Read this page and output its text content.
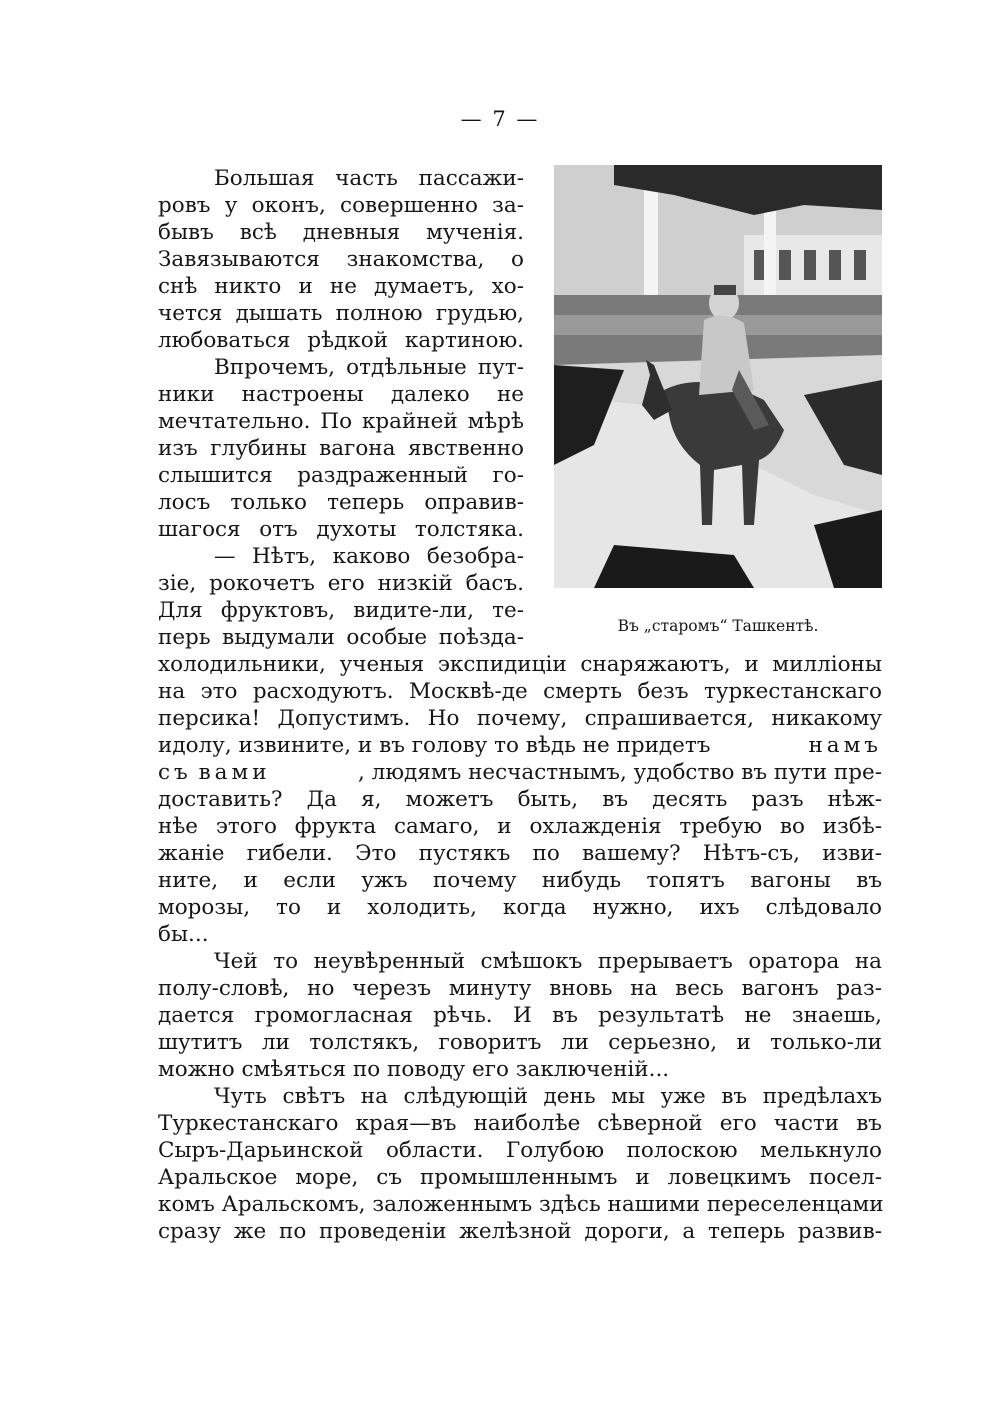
— 7 —
Въ „старомъ“ Ташкентѣ.
Большая часть пассажи-
ровъ у оконъ, совершенно за-
бывъ всѣ дневныя мученія.
Завязываются знакомства, о
снѣ никто и не думаетъ, хо-
чется дышать полною грудью,
любоваться рѣдкой картиною.
Впрочемъ, отдѣльные пут-
ники настроены далеко не
мечтательно. По крайней мѣрѣ
изъ глубины вагона явственно
слышится раздраженный го-
лосъ только теперь оправив-
шагося отъ духоты толстяка.
— Нѣтъ, каково безобра-
зіе, рокочетъ его низкій басъ.
Для фруктовъ, видите-ли, те-
перь выдумали особые поѣзда-
холодильники, ученыя экспидиціи снаряжаютъ, и милліоны
на это расходуютъ. Москвѣ-де смерть безъ туркестанскаго
персика! Допустимъ. Но почему, спрашивается, никакому
идолу, извините, и въ голову то вѣдь не придетъ	намъ
съ вами	, людямъ несчастнымъ, удобство въ пути пре-
доставить? Да я, можетъ быть, въ десять разъ нѣж-
нѣе этого фрукта самаго, и охлажденія требую во избѣ-
жаніе гибели. Это пустякъ по вашему? Нѣтъ-съ, изви-
ните, и если ужъ почему нибудь топятъ вагоны въ
морозы, то и холодить, когда нужно, ихъ слѣдовало
бы...
Чей то неувѣренный смѣшокъ прерываетъ оратора на
полу-словѣ, но черезъ минуту вновь на весь вагонъ раз-
дается громогласная рѣчь. И въ результатѣ не знаешь,
шутитъ ли толстякъ, говоритъ ли серьезно, и только-ли
можно смѣяться по поводу его заключеній...
Чуть свѣтъ на слѣдующій день мы уже въ предѣлахъ
Туркестанскаго края—въ наиболѣе сѣверной его части въ
Сыръ-Дарьинской области. Голубою полоскою мелькнуло
Аральское море, съ промышленнымъ и ловецкимъ посел-
комъ Аральскомъ, заложеннымъ здѣсь нашими переселенцами
сразу же по проведеніи желѣзной дороги, а теперь развив-
